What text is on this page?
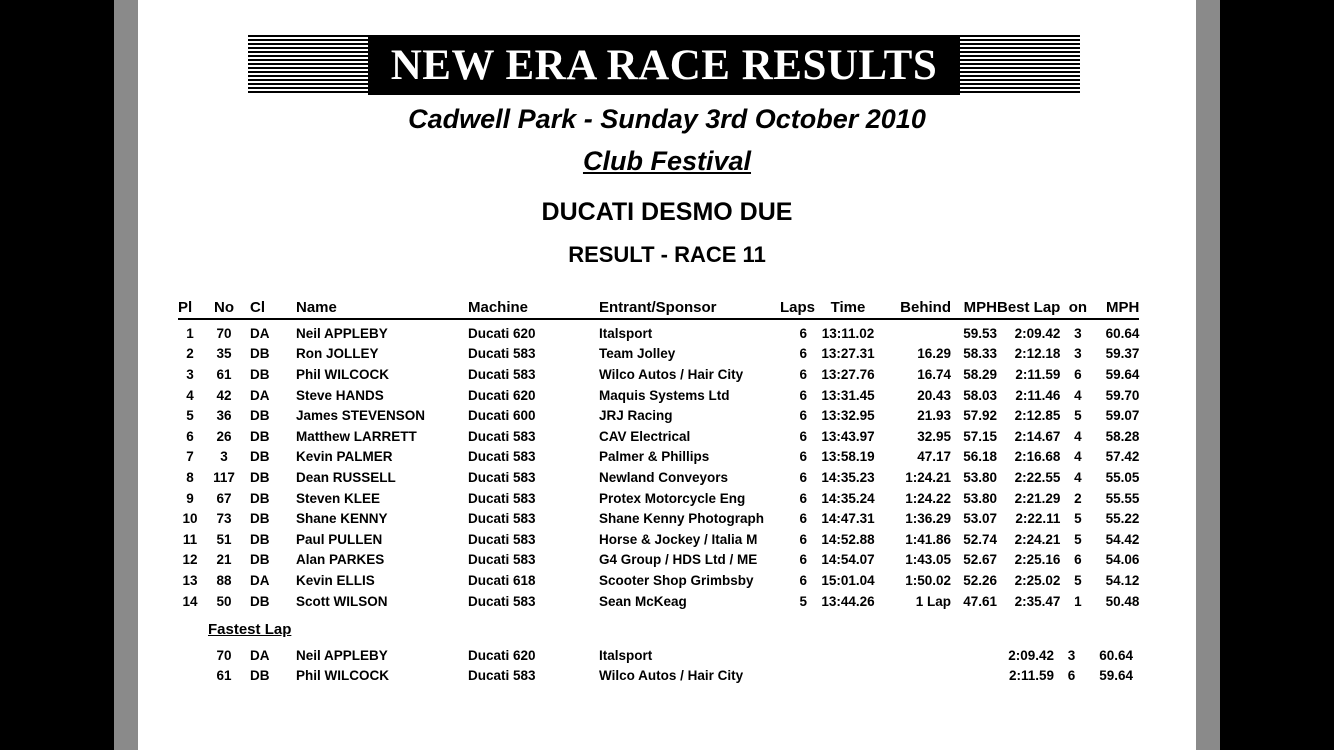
NEW ERA RACE RESULTS
Cadwell Park - Sunday 3rd October 2010
Club Festival
DUCATI DESMO DUE
RESULT - RACE 11
Pl	No	Cl	Name	Machine	Entrant/Sponsor	Laps	Time	Behind	MPH	Best Lap	on	MPH
1	70	DA	Neil APPLEBY	Ducati 620	Italsport	6	13:11.02		59.53	2:09.42	3	60.64
2	35	DB	Ron JOLLEY	Ducati 583	Team Jolley	6	13:27.31	16.29	58.33	2:12.18	3	59.37
3	61	DB	Phil WILCOCK	Ducati 583	Wilco Autos / Hair City	6	13:27.76	16.74	58.29	2:11.59	6	59.64
4	42	DA	Steve HANDS	Ducati 620	Maquis Systems Ltd	6	13:31.45	20.43	58.03	2:11.46	4	59.70
5	36	DB	James STEVENSON	Ducati 600	JRJ Racing	6	13:32.95	21.93	57.92	2:12.85	5	59.07
6	26	DB	Matthew LARRETT	Ducati 583	CAV Electrical	6	13:43.97	32.95	57.15	2:14.67	4	58.28
7	3	DB	Kevin PALMER	Ducati 583	Palmer & Phillips	6	13:58.19	47.17	56.18	2:16.68	4	57.42
8	117	DB	Dean RUSSELL	Ducati 583	Newland Conveyors	6	14:35.23	1:24.21	53.80	2:22.55	4	55.05
9	67	DB	Steven KLEE	Ducati 583	Protex Motorcycle Eng	6	14:35.24	1:24.22	53.80	2:21.29	2	55.55
10	73	DB	Shane KENNY	Ducati 583	Shane Kenny Photograph	6	14:47.31	1:36.29	53.07	2:22.11	5	55.22
11	51	DB	Paul PULLEN	Ducati 583	Horse & Jockey / Italia M	6	14:52.88	1:41.86	52.74	2:24.21	5	54.42
12	21	DB	Alan PARKES	Ducati 583	G4 Group / HDS Ltd / ME	6	14:54.07	1:43.05	52.67	2:25.16	6	54.06
13	88	DA	Kevin ELLIS	Ducati 618	Scooter Shop Grimbsby	6	15:01.04	1:50.02	52.26	2:25.02	5	54.12
14	50	DB	Scott WILSON	Ducati 583	Sean McKeag	5	13:44.26	1 Lap	47.61	2:35.47	1	50.48
Fastest Lap
	70	DA	Neil APPLEBY	Ducati 620	Italsport					2:09.42	3	60.64
	61	DB	Phil WILCOCK	Ducati 583	Wilco Autos / Hair City					2:11.59	6	59.64
